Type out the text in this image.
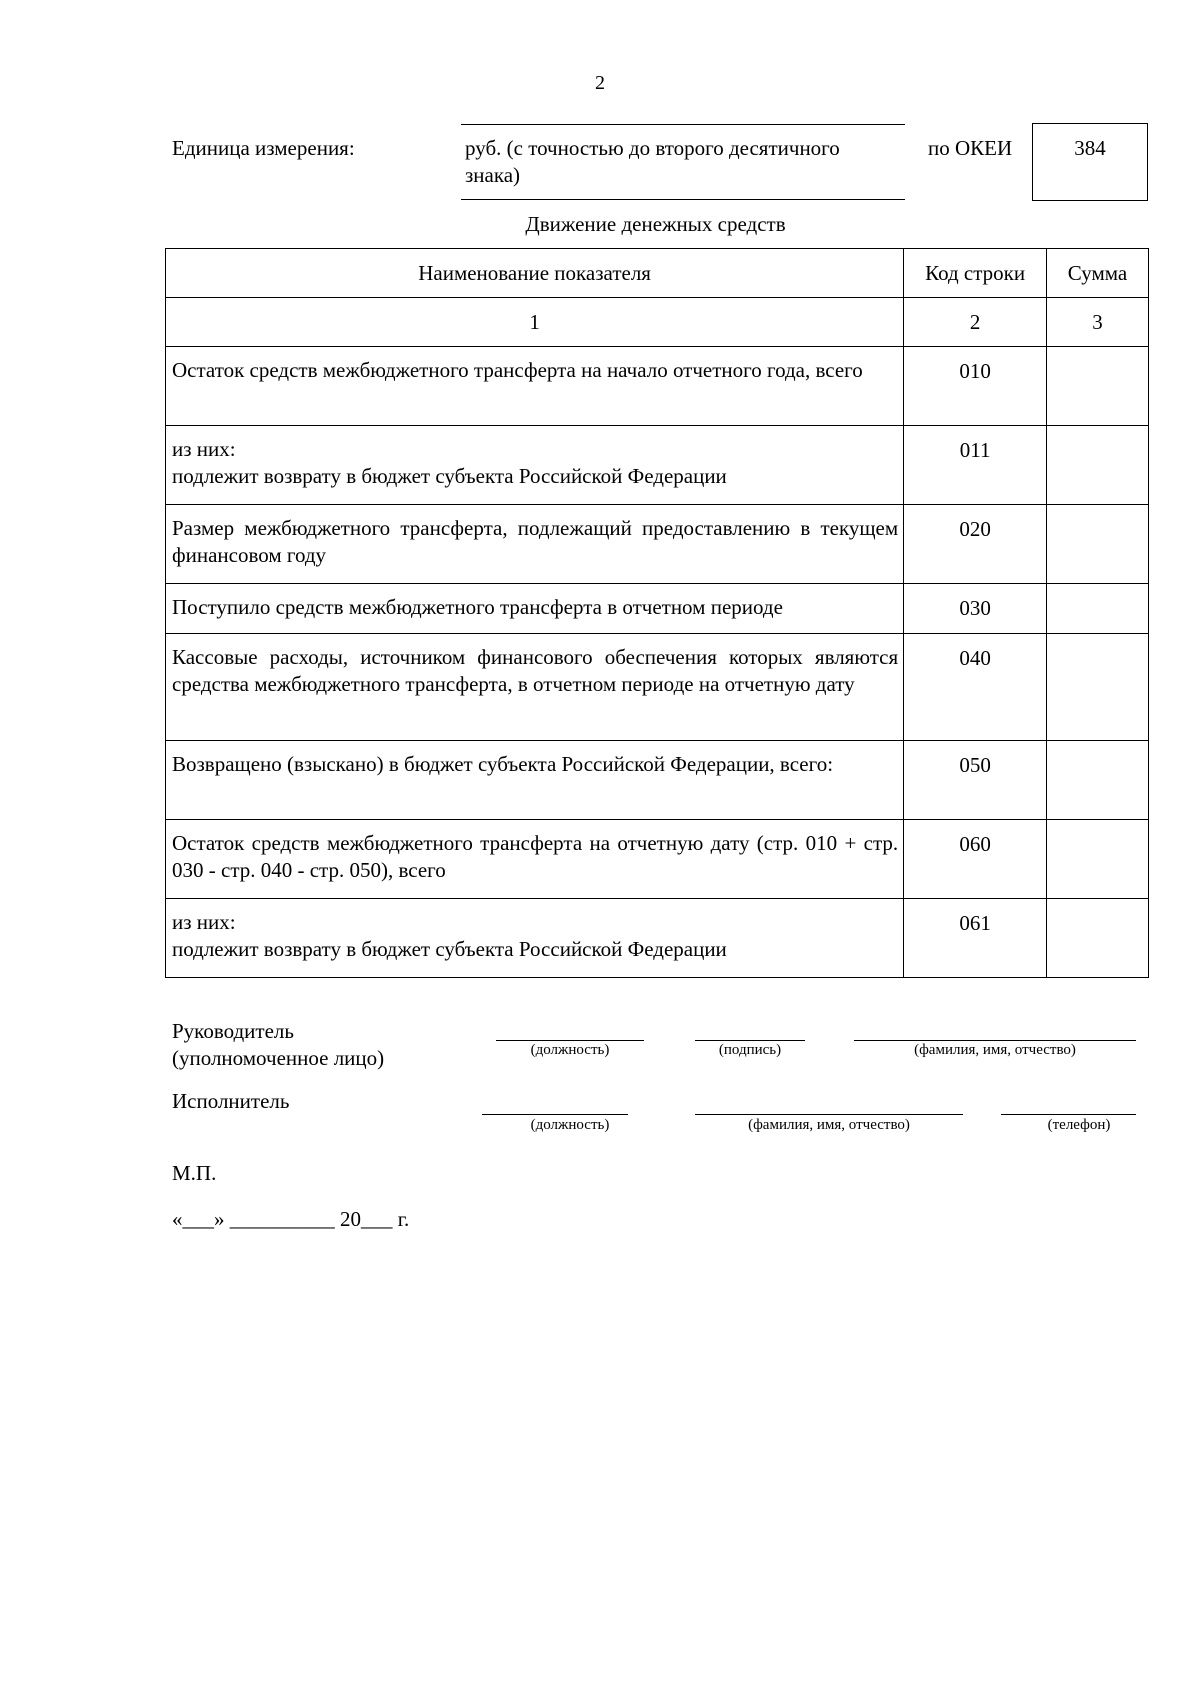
2
Единица измерения:	руб. (с точностью до второго десятичного знака)
по ОКЕИ	384
Движение денежных средств
Наименование показателя	Код строки	Сумма
1	2	3
Остаток средств межбюджетного трансферта на начало отчетного года, всего	010	
из них:
подлежит возврату в бюджет субъекта Российской Федерации	011	
Размер межбюджетного трансферта, подлежащий предоставлению в текущем финансовом году	020	
Поступило средств межбюджетного трансферта в отчетном периоде	030	
Кассовые расходы, источником финансового обеспечения которых являются средства межбюджетного трансферта, в отчетном периоде на отчетную дату	040	
Возвращено (взыскано) в бюджет субъекта Российской Федерации, всего:	050	
Остаток средств межбюджетного трансферта на отчетную дату (стр. 010 + стр. 030 - стр. 040 - стр. 050), всего	060	
из них:
подлежит возврату в бюджет субъекта Российской Федерации	061	
Руководитель
(уполномоченное лицо)	(должность)	(подпись)	(фамилия, имя, отчество)
Исполнитель
(должность)	(фамилия, имя, отчество)	(телефон)
М.П.
«___» __________ 20___ г.
